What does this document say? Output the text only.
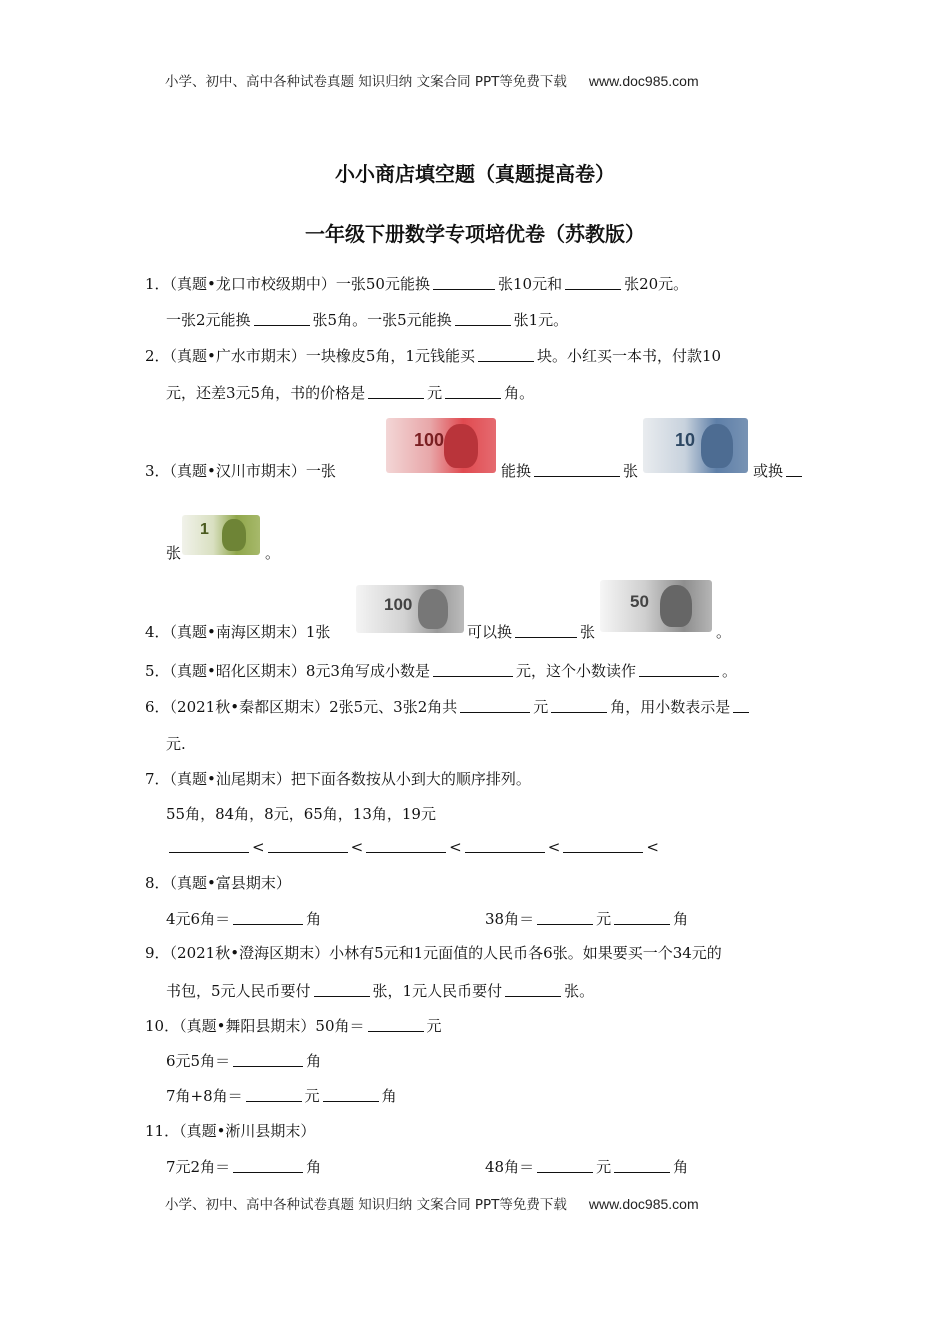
小学、初中、高中各种试卷真题 知识归纳 文案合同 PPT等免费下载 www.doc985.com
小小商店填空题（真题提高卷）
一年级下册数学专项培优卷（苏教版）
1．（真题•龙口市校级期中）一张50元能换	张10元和	张20元。
一张2元能换	张5角。一张5元能换	张1元。
2．（真题•广水市期末）一块橡皮5角，1元钱能买	块。小红买一本书，付款10
元，还差3元5角，书的价格是	元	角。
3．（真题•汉川市期末）一张
100
能换	张
10
或换
张
1
。
4．（真题•南海区期末）1张
100
可以换	张
50
。
5．（真题•昭化区期末）8元3角写成小数是	元，这个小数读作	。
6．（2021秋•秦都区期末）2张5元、3张2角共	元	角，用小数表示是
元.
7．（真题•汕尾期末）把下面各数按从小到大的顺序排列。
55角，84角，8元，65角，13角，19元
<	<	<	<	<
8．（真题•富县期末）
4元6角＝	角	38角＝	元	角
9．（2021秋•澄海区期末）小林有5元和1元面值的人民币各6张。如果要买一个34元的
书包，5元人民币要付	张，1元人民币要付	张。
10．（真题•舞阳县期末）50角＝	元
6元5角＝	角
7角+8角＝	元	角
11．（真题•淅川县期末）
7元2角＝	角	48角＝	元	角
小学、初中、高中各种试卷真题 知识归纳 文案合同 PPT等免费下载 www.doc985.com
